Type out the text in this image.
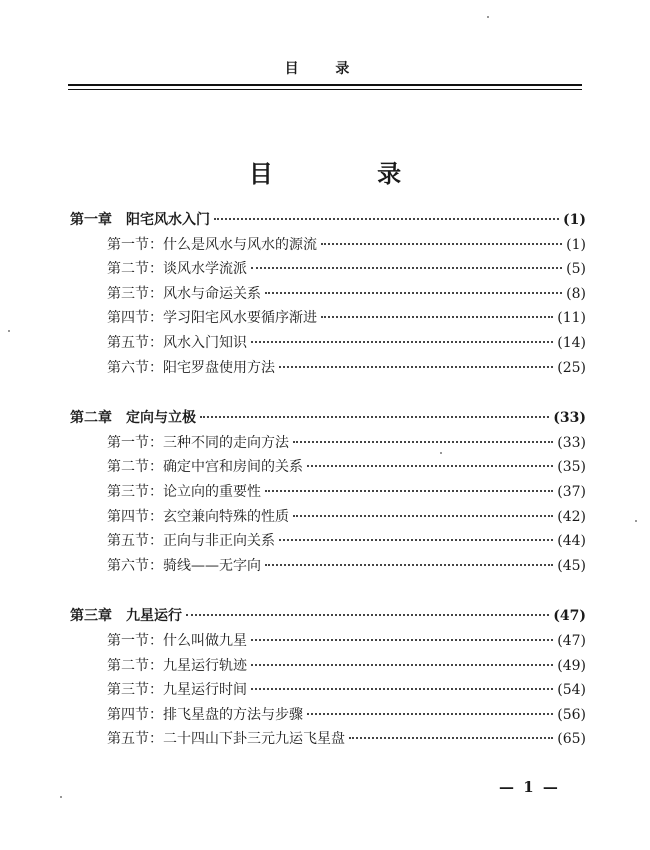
目 录
目 录
第一章　阳宅风水入门	(1)
第一节：什么是风水与风水的源流	(1)
第二节：谈风水学流派	(5)
第三节：风水与命运关系	(8)
第四节：学习阳宅风水要循序渐进	(11)
第五节：风水入门知识	(14)
第六节：阳宅罗盘使用方法	(25)
第二章　定向与立极	(33)
第一节：三种不同的走向方法	(33)
第二节：确定中宫和房间的关系	(35)
第三节：论立向的重要性	(37)
第四节：玄空兼向特殊的性质	(42)
第五节：正向与非正向关系	(44)
第六节：骑线——无字向	(45)
第三章　九星运行	(47)
第一节：什么叫做九星	(47)
第二节：九星运行轨迹	(49)
第三节：九星运行时间	(54)
第四节：排飞星盘的方法与步骤	(56)
第五节：二十四山下卦三元九运飞星盘	(65)
— 1 —
